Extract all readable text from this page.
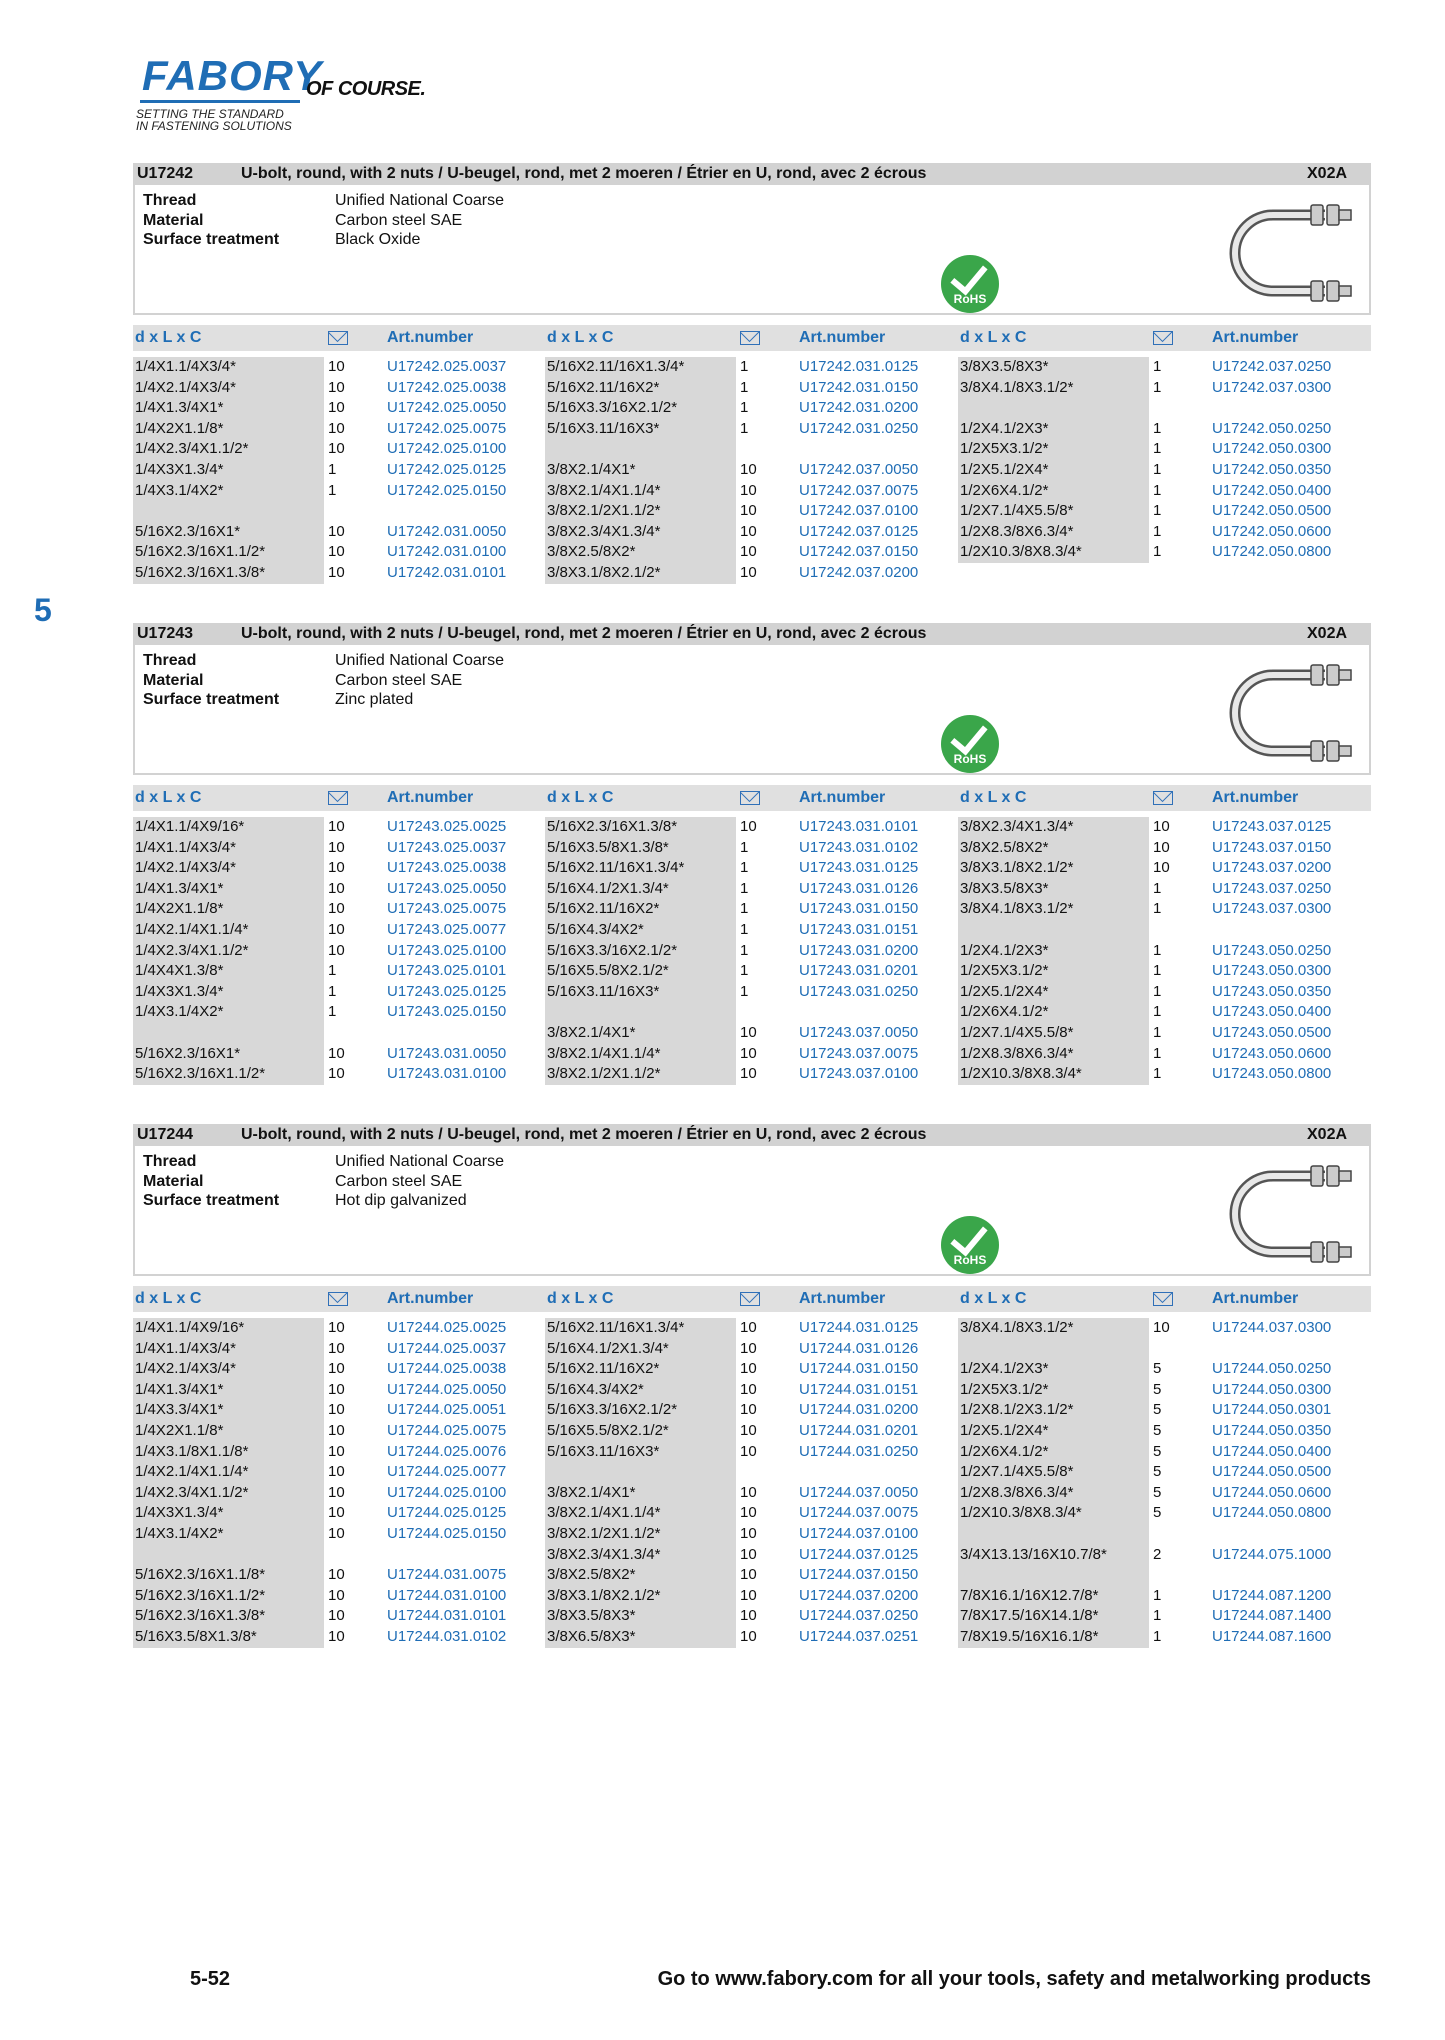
FABORY
OF COURSE.
SETTING THE STANDARD
IN FASTENING SOLUTIONS
5
U17242	U-bolt, round, with 2 nuts / U-beugel, rond, met 2 moeren / Étrier en U, rond, avec 2 écrous	X02A
Thread	Unified National Coarse
Material	Carbon steel SAE
Surface treatment	Black Oxide
RoHS
d x L x C	Art.number	d x L x C	Art.number	d x L x C	Art.number
1/4X1.1/4X3/4*	10	U17242.025.0037
1/4X2.1/4X3/4*	10	U17242.025.0038
1/4X1.3/4X1*	10	U17242.025.0050
1/4X2X1.1/8*	10	U17242.025.0075
1/4X2.3/4X1.1/2*	10	U17242.025.0100
1/4X3X1.3/4*	1	U17242.025.0125
1/4X3.1/4X2*	1	U17242.025.0150
5/16X2.3/16X1*	10	U17242.031.0050
5/16X2.3/16X1.1/2*	10	U17242.031.0100
5/16X2.3/16X1.3/8*	10	U17242.031.0101
5/16X2.11/16X1.3/4*	1	U17242.031.0125
5/16X2.11/16X2*	1	U17242.031.0150
5/16X3.3/16X2.1/2*	1	U17242.031.0200
5/16X3.11/16X3*	1	U17242.031.0250
3/8X2.1/4X1*	10	U17242.037.0050
3/8X2.1/4X1.1/4*	10	U17242.037.0075
3/8X2.1/2X1.1/2*	10	U17242.037.0100
3/8X2.3/4X1.3/4*	10	U17242.037.0125
3/8X2.5/8X2*	10	U17242.037.0150
3/8X3.1/8X2.1/2*	10	U17242.037.0200
3/8X3.5/8X3*	1	U17242.037.0250
3/8X4.1/8X3.1/2*	1	U17242.037.0300
1/2X4.1/2X3*	1	U17242.050.0250
1/2X5X3.1/2*	1	U17242.050.0300
1/2X5.1/2X4*	1	U17242.050.0350
1/2X6X4.1/2*	1	U17242.050.0400
1/2X7.1/4X5.5/8*	1	U17242.050.0500
1/2X8.3/8X6.3/4*	1	U17242.050.0600
1/2X10.3/8X8.3/4*	1	U17242.050.0800
U17243	U-bolt, round, with 2 nuts / U-beugel, rond, met 2 moeren / Étrier en U, rond, avec 2 écrous	X02A
Thread	Unified National Coarse
Material	Carbon steel SAE
Surface treatment	Zinc plated
RoHS
d x L x C	Art.number	d x L x C	Art.number	d x L x C	Art.number
1/4X1.1/4X9/16*	10	U17243.025.0025
1/4X1.1/4X3/4*	10	U17243.025.0037
1/4X2.1/4X3/4*	10	U17243.025.0038
1/4X1.3/4X1*	10	U17243.025.0050
1/4X2X1.1/8*	10	U17243.025.0075
1/4X2.1/4X1.1/4*	10	U17243.025.0077
1/4X2.3/4X1.1/2*	10	U17243.025.0100
1/4X4X1.3/8*	1	U17243.025.0101
1/4X3X1.3/4*	1	U17243.025.0125
1/4X3.1/4X2*	1	U17243.025.0150
5/16X2.3/16X1*	10	U17243.031.0050
5/16X2.3/16X1.1/2*	10	U17243.031.0100
5/16X2.3/16X1.3/8*	10	U17243.031.0101
5/16X3.5/8X1.3/8*	1	U17243.031.0102
5/16X2.11/16X1.3/4*	1	U17243.031.0125
5/16X4.1/2X1.3/4*	1	U17243.031.0126
5/16X2.11/16X2*	1	U17243.031.0150
5/16X4.3/4X2*	1	U17243.031.0151
5/16X3.3/16X2.1/2*	1	U17243.031.0200
5/16X5.5/8X2.1/2*	1	U17243.031.0201
5/16X3.11/16X3*	1	U17243.031.0250
3/8X2.1/4X1*	10	U17243.037.0050
3/8X2.1/4X1.1/4*	10	U17243.037.0075
3/8X2.1/2X1.1/2*	10	U17243.037.0100
3/8X2.3/4X1.3/4*	10	U17243.037.0125
3/8X2.5/8X2*	10	U17243.037.0150
3/8X3.1/8X2.1/2*	10	U17243.037.0200
3/8X3.5/8X3*	1	U17243.037.0250
3/8X4.1/8X3.1/2*	1	U17243.037.0300
1/2X4.1/2X3*	1	U17243.050.0250
1/2X5X3.1/2*	1	U17243.050.0300
1/2X5.1/2X4*	1	U17243.050.0350
1/2X6X4.1/2*	1	U17243.050.0400
1/2X7.1/4X5.5/8*	1	U17243.050.0500
1/2X8.3/8X6.3/4*	1	U17243.050.0600
1/2X10.3/8X8.3/4*	1	U17243.050.0800
U17244	U-bolt, round, with 2 nuts / U-beugel, rond, met 2 moeren / Étrier en U, rond, avec 2 écrous	X02A
Thread	Unified National Coarse
Material	Carbon steel SAE
Surface treatment	Hot dip galvanized
RoHS
d x L x C	Art.number	d x L x C	Art.number	d x L x C	Art.number
1/4X1.1/4X9/16*	10	U17244.025.0025
1/4X1.1/4X3/4*	10	U17244.025.0037
1/4X2.1/4X3/4*	10	U17244.025.0038
1/4X1.3/4X1*	10	U17244.025.0050
1/4X3.3/4X1*	10	U17244.025.0051
1/4X2X1.1/8*	10	U17244.025.0075
1/4X3.1/8X1.1/8*	10	U17244.025.0076
1/4X2.1/4X1.1/4*	10	U17244.025.0077
1/4X2.3/4X1.1/2*	10	U17244.025.0100
1/4X3X1.3/4*	10	U17244.025.0125
1/4X3.1/4X2*	10	U17244.025.0150
5/16X2.3/16X1.1/8*	10	U17244.031.0075
5/16X2.3/16X1.1/2*	10	U17244.031.0100
5/16X2.3/16X1.3/8*	10	U17244.031.0101
5/16X3.5/8X1.3/8*	10	U17244.031.0102
5/16X2.11/16X1.3/4*	10	U17244.031.0125
5/16X4.1/2X1.3/4*	10	U17244.031.0126
5/16X2.11/16X2*	10	U17244.031.0150
5/16X4.3/4X2*	10	U17244.031.0151
5/16X3.3/16X2.1/2*	10	U17244.031.0200
5/16X5.5/8X2.1/2*	10	U17244.031.0201
5/16X3.11/16X3*	10	U17244.031.0250
3/8X2.1/4X1*	10	U17244.037.0050
3/8X2.1/4X1.1/4*	10	U17244.037.0075
3/8X2.1/2X1.1/2*	10	U17244.037.0100
3/8X2.3/4X1.3/4*	10	U17244.037.0125
3/8X2.5/8X2*	10	U17244.037.0150
3/8X3.1/8X2.1/2*	10	U17244.037.0200
3/8X3.5/8X3*	10	U17244.037.0250
3/8X6.5/8X3*	10	U17244.037.0251
3/8X4.1/8X3.1/2*	10	U17244.037.0300
1/2X4.1/2X3*	5	U17244.050.0250
1/2X5X3.1/2*	5	U17244.050.0300
1/2X8.1/2X3.1/2*	5	U17244.050.0301
1/2X5.1/2X4*	5	U17244.050.0350
1/2X6X4.1/2*	5	U17244.050.0400
1/2X7.1/4X5.5/8*	5	U17244.050.0500
1/2X8.3/8X6.3/4*	5	U17244.050.0600
1/2X10.3/8X8.3/4*	5	U17244.050.0800
3/4X13.13/16X10.7/8*	2	U17244.075.1000
7/8X16.1/16X12.7/8*	1	U17244.087.1200
7/8X17.5/16X14.1/8*	1	U17244.087.1400
7/8X19.5/16X16.1/8*	1	U17244.087.1600
5-52	Go to www.fabory.com for all your tools, safety and metalworking products
